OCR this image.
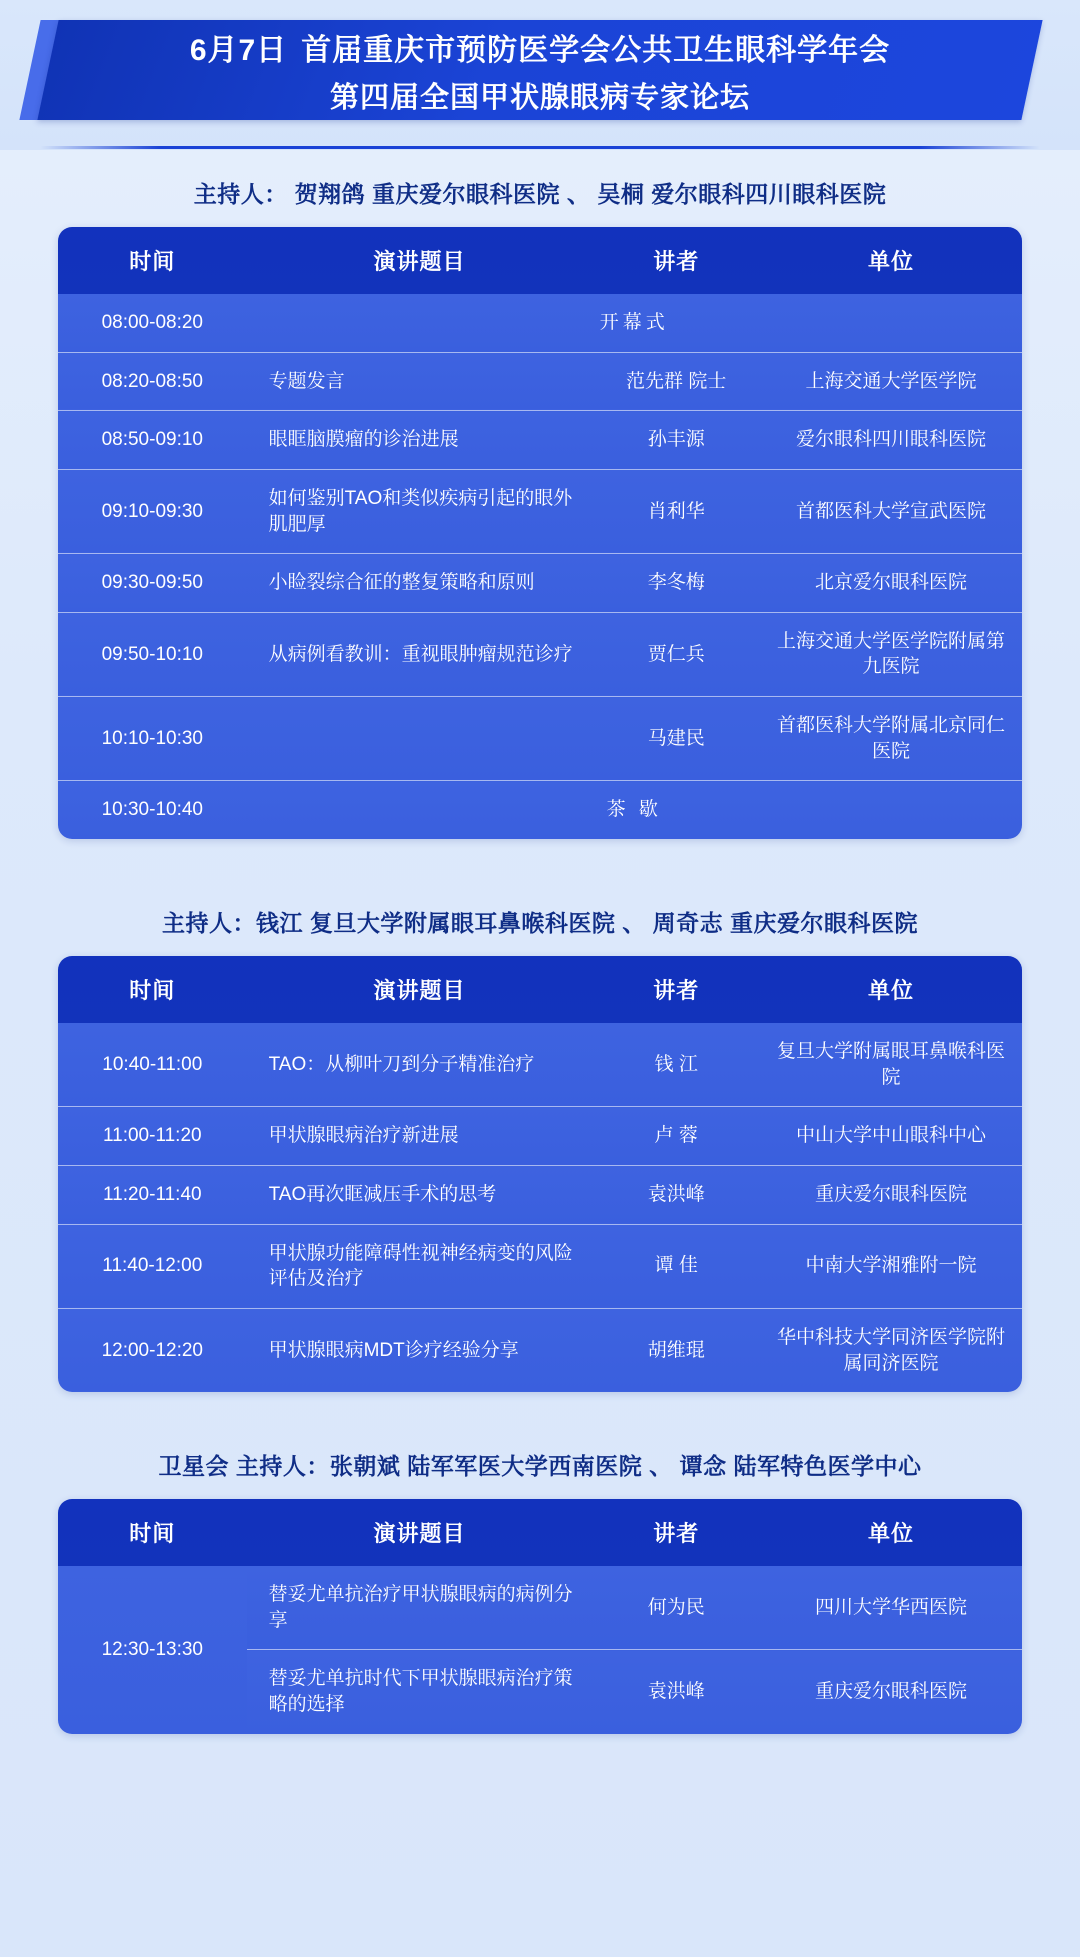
6月7日 首届重庆市预防医学会公共卫生眼科学年会
第四届全国甲状腺眼病专家论坛
主持人： 贺翔鸽 重庆爱尔眼科医院 、 吴桐 爱尔眼科四川眼科医院
时间	演讲题目	讲者	单位
08:00-08:20	开幕式		
08:20-08:50	专题发言	范先群 院士	上海交通大学医学院
08:50-09:10	眼眶脑膜瘤的诊治进展	孙丰源	爱尔眼科四川眼科医院
09:10-09:30	如何鉴别TAO和类似疾病引起的眼外肌肥厚	肖利华	首都医科大学宣武医院
09:30-09:50	小睑裂综合征的整复策略和原则	李冬梅	北京爱尔眼科医院
09:50-10:10	从病例看教训：重视眼肿瘤规范诊疗	贾仁兵	上海交通大学医学院附属第九医院
10:10-10:30		马建民	首都医科大学附属北京同仁医院
10:30-10:40	茶 歇		
主持人：钱江 复旦大学附属眼耳鼻喉科医院 、 周奇志 重庆爱尔眼科医院
时间	演讲题目	讲者	单位
10:40-11:00	TAO：从柳叶刀到分子精准治疗	钱 江	复旦大学附属眼耳鼻喉科医院
11:00-11:20	甲状腺眼病治疗新进展	卢 蓉	中山大学中山眼科中心
11:20-11:40	TAO再次眶减压手术的思考	袁洪峰	重庆爱尔眼科医院
11:40-12:00	甲状腺功能障碍性视神经病变的风险评估及治疗	谭 佳	中南大学湘雅附一院
12:00-12:20	甲状腺眼病MDT诊疗经验分享	胡维琨	华中科技大学同济医学院附属同济医院
卫星会 主持人：张朝斌 陆军军医大学西南医院 、 谭念 陆军特色医学中心
时间	演讲题目	讲者	单位
12:30-13:30	替妥尤单抗治疗甲状腺眼病的病例分享	何为民	四川大学华西医院
	替妥尤单抗时代下甲状腺眼病治疗策略的选择	袁洪峰	重庆爱尔眼科医院
